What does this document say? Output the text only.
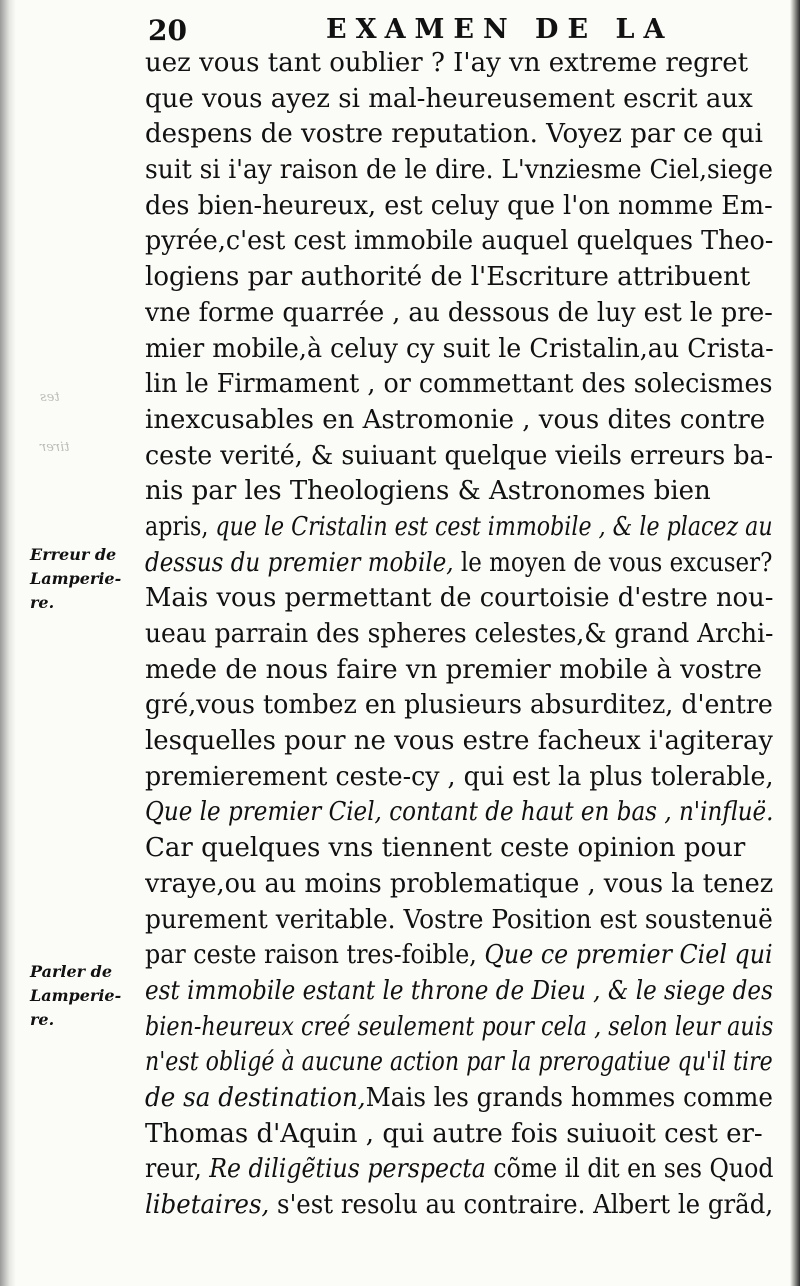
tes
tirer
20	EXAMEN DE LA
uez vous tant oublier ? I'ay vn extreme regret
que vous ayez si mal-heureusement escrit aux
despens de vostre reputation. Voyez par ce qui
suit si i'ay raison de le dire. L'vnziesme Ciel,siege
des bien-heureux, est celuy que l'on nomme Em-
pyrée,c'est cest immobile auquel quelques Theo-
logiens par authorité de l'Escriture attribuent
vne forme quarrée , au dessous de luy est le pre-
mier mobile,à celuy cy suit le Cristalin,au Crista-
lin le Firmament , or commettant des solecismes
inexcusables en Astromonie , vous dites contre
ceste verité, & suiuant quelque vieils erreurs ba-
nis par les Theologiens & Astronomes bien
apris, que le Cristalin est cest immobile , & le placez au
dessus du premier mobile, le moyen de vous excuser?
Mais vous permettant de courtoisie d'estre nou-
ueau parrain des spheres celestes,& grand Archi-
mede de nous faire vn premier mobile à vostre
gré,vous tombez en plusieurs absurditez, d'entre
lesquelles pour ne vous estre facheux i'agiteray
premierement ceste-cy , qui est la plus tolerable,
Que le premier Ciel, contant de haut en bas , n'influë.
Car quelques vns tiennent ceste opinion pour
vraye,ou au moins problematique , vous la tenez
purement veritable. Vostre Position est soustenuë
par ceste raison tres-foible, Que ce premier Ciel qui
est immobile estant le throne de Dieu , & le siege des
bien-heureux creé seulement pour cela , selon leur auis
n'est obligé à aucune action par la prerogatiue qu'il tire
de sa destination,Mais les grands hommes comme
Thomas d'Aquin , qui autre fois suiuoit cest er-
reur, Re diligẽtius perspecta cõme il dit en ses Quod
libetaires, s'est resolu au contraire. Albert le grãd,
Erreur de
Lamperie-
re.
Parler de
Lamperie-
re.
